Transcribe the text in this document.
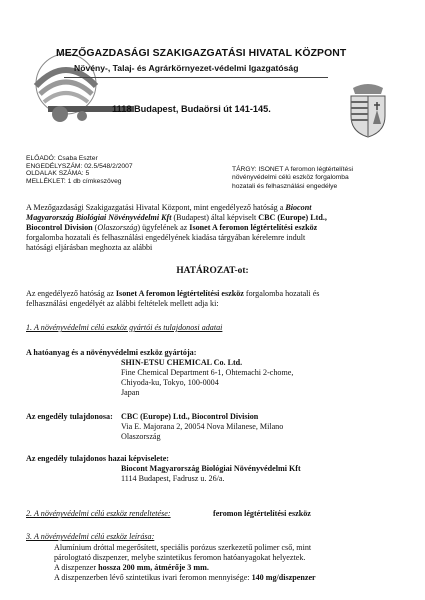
MEZŐGAZDASÁGI SZAKIGAZGATÁSI HIVATAL KÖZPONT
Növény-, Talaj- és Agrárkörnyezet-védelmi Igazgatóság
1118 Budapest, Budaörsi út 141-145.
ELŐADÓ: Csaba Eszter
ENGEDÉLYSZÁM: 02.5/548/2/2007
OLDALAK SZÁMA: 5
MELLÉKLET: 1 db címkeszöveg
TÁRGY: ISONET A feromon légtértelítési
növényvédelmi célú eszköz forgalomba
hozatali és felhasználási engedélye
A Mezőgazdasági Szakigazgatási Hivatal Központ, mint engedélyező hatóság a Biocont
Magyarország Biológiai Növényvédelmi Kft (Budapest) által képviselt CBC (Europe) Ltd.,
Biocontrol Division (Olaszország) ügyfelének az Isonet A feromon légtértelítési eszköz
forgalomba hozatali és felhasználási engedélyének kiadása tárgyában kérelemre indult
hatósági eljárásban meghozta az alábbi
HATÁROZAT-ot:
Az engedélyező hatóság az Isonet A feromon légtértelítési eszköz forgalomba hozatali és
felhasználási engedélyét az alábbi feltételek mellett adja ki:
1. A növényvédelmi célú eszköz gyártói és tulajdonosi adatai
A hatóanyag és a növényvédelmi eszköz gyártója:
SHIN-ETSU CHEMICAL Co. Ltd.
Fine Chemical Department 6-1, Ohtemachi 2-chome,
Chiyoda-ku, Tokyo, 100-0004
Japan
Az engedély tulajdonosa: CBC (Europe) Ltd., Biocontrol Division
Via E. Majorana 2, 20054 Nova Milanese, Milano
Olaszország
Az engedély tulajdonos hazai képviselete:
Biocont Magyarország Biológiai Növényvédelmi Kft
1114 Budapest, Fadrusz u. 26/a.
2. A növényvédelmi célú eszköz rendeltetése:	feromon légtértelítési eszköz
3. A növényvédelmi célú eszköz leírása:
Alumínium dróttal megerősített, speciális porózus szerkezetű polimer cső, mint
párologtató diszpenzer, melybe szintetikus feromon hatóanyagokat helyeztek.
A diszpenzer hossza 200 mm, átmérője 3 mm.
A diszpenzerben lévő szintetikus ivari feromon mennyisége: 140 mg/diszpenzer
